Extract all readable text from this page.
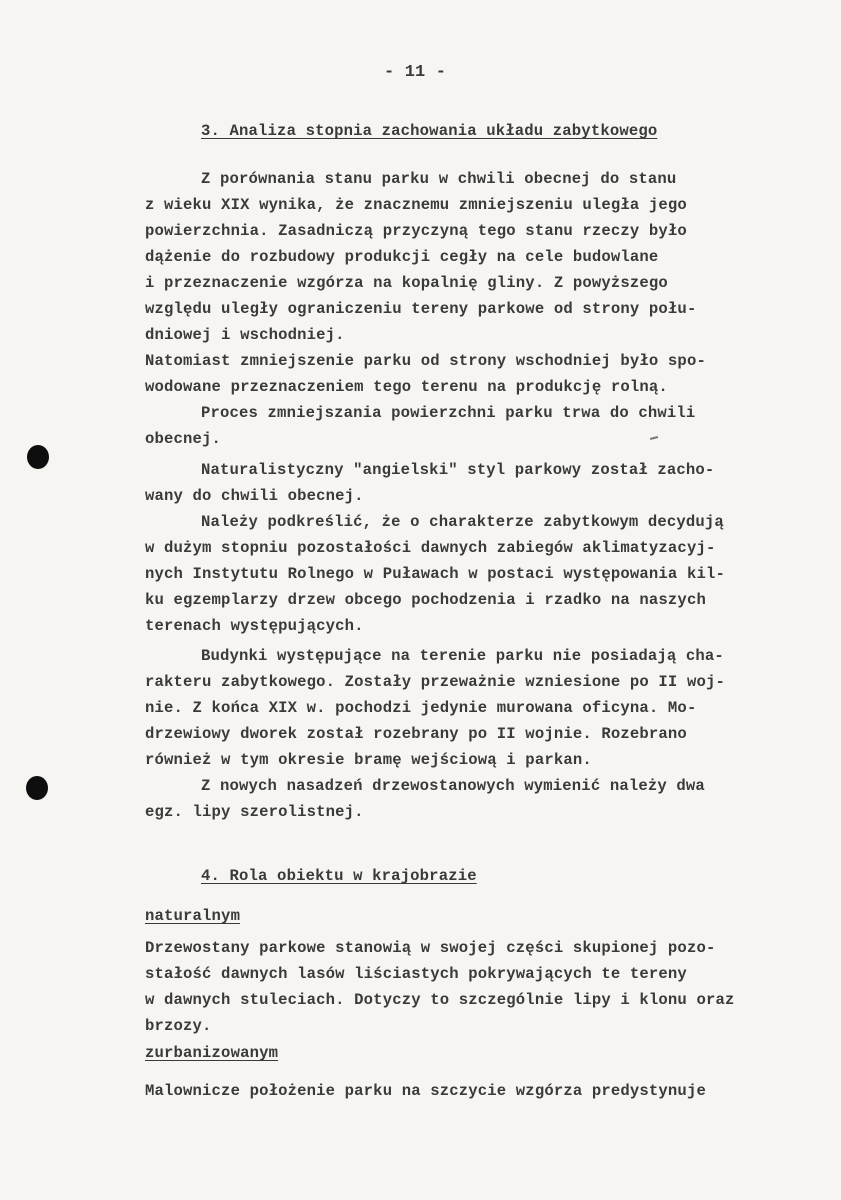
- 11 -
3. Analiza stopnia zachowania układu zabytkowego
Z porównania stanu parku w chwili obecnej do stanu
z wieku XIX wynika, że znacznemu zmniejszeniu uległa jego
powierzchnia. Zasadniczą przyczyną tego stanu rzeczy było
dążenie do rozbudowy produkcji cegły na cele budowlane
i przeznaczenie wzgórza na kopalnię gliny. Z powyższego
względu uległy ograniczeniu tereny parkowe od strony połu-
dniowej i wschodniej.
Natomiast zmniejszenie parku od strony wschodniej było spo-
wodowane przeznaczeniem tego terenu na produkcję rolną.
Proces zmniejszania powierzchni parku trwa do chwili
obecnej.
Naturalistyczny "angielski" styl parkowy został zacho-
wany do chwili obecnej.
Należy podkreślić, że o charakterze zabytkowym decydują
w dużym stopniu pozostałości dawnych zabiegów aklimatyzacyj-
nych Instytutu Rolnego w Puławach w postaci występowania kil-
ku egzemplarzy drzew obcego pochodzenia i rzadko na naszych
terenach występujących.
Budynki występujące na terenie parku nie posiadają cha-
rakteru zabytkowego. Zostały przeważnie wzniesione po II woj-
nie. Z końca XIX w. pochodzi jedynie murowana oficyna. Mo-
drzewiowy dworek został rozebrany po II wojnie. Rozebrano
również w tym okresie bramę wejściową i parkan.
Z nowych nasadzeń drzewostanowych wymienić należy dwa
egz. lipy szerolistnej.
4. Rola obiektu w krajobrazie
naturalnym
Drzewostany parkowe stanowią w swojej części skupionej pozo-
stałość dawnych lasów liściastych pokrywających te tereny
w dawnych stuleciach. Dotyczy to szczególnie lipy i klonu oraz
brzozy.
zurbanizowanym
Malownicze położenie parku na szczycie wzgórza predystynuje
